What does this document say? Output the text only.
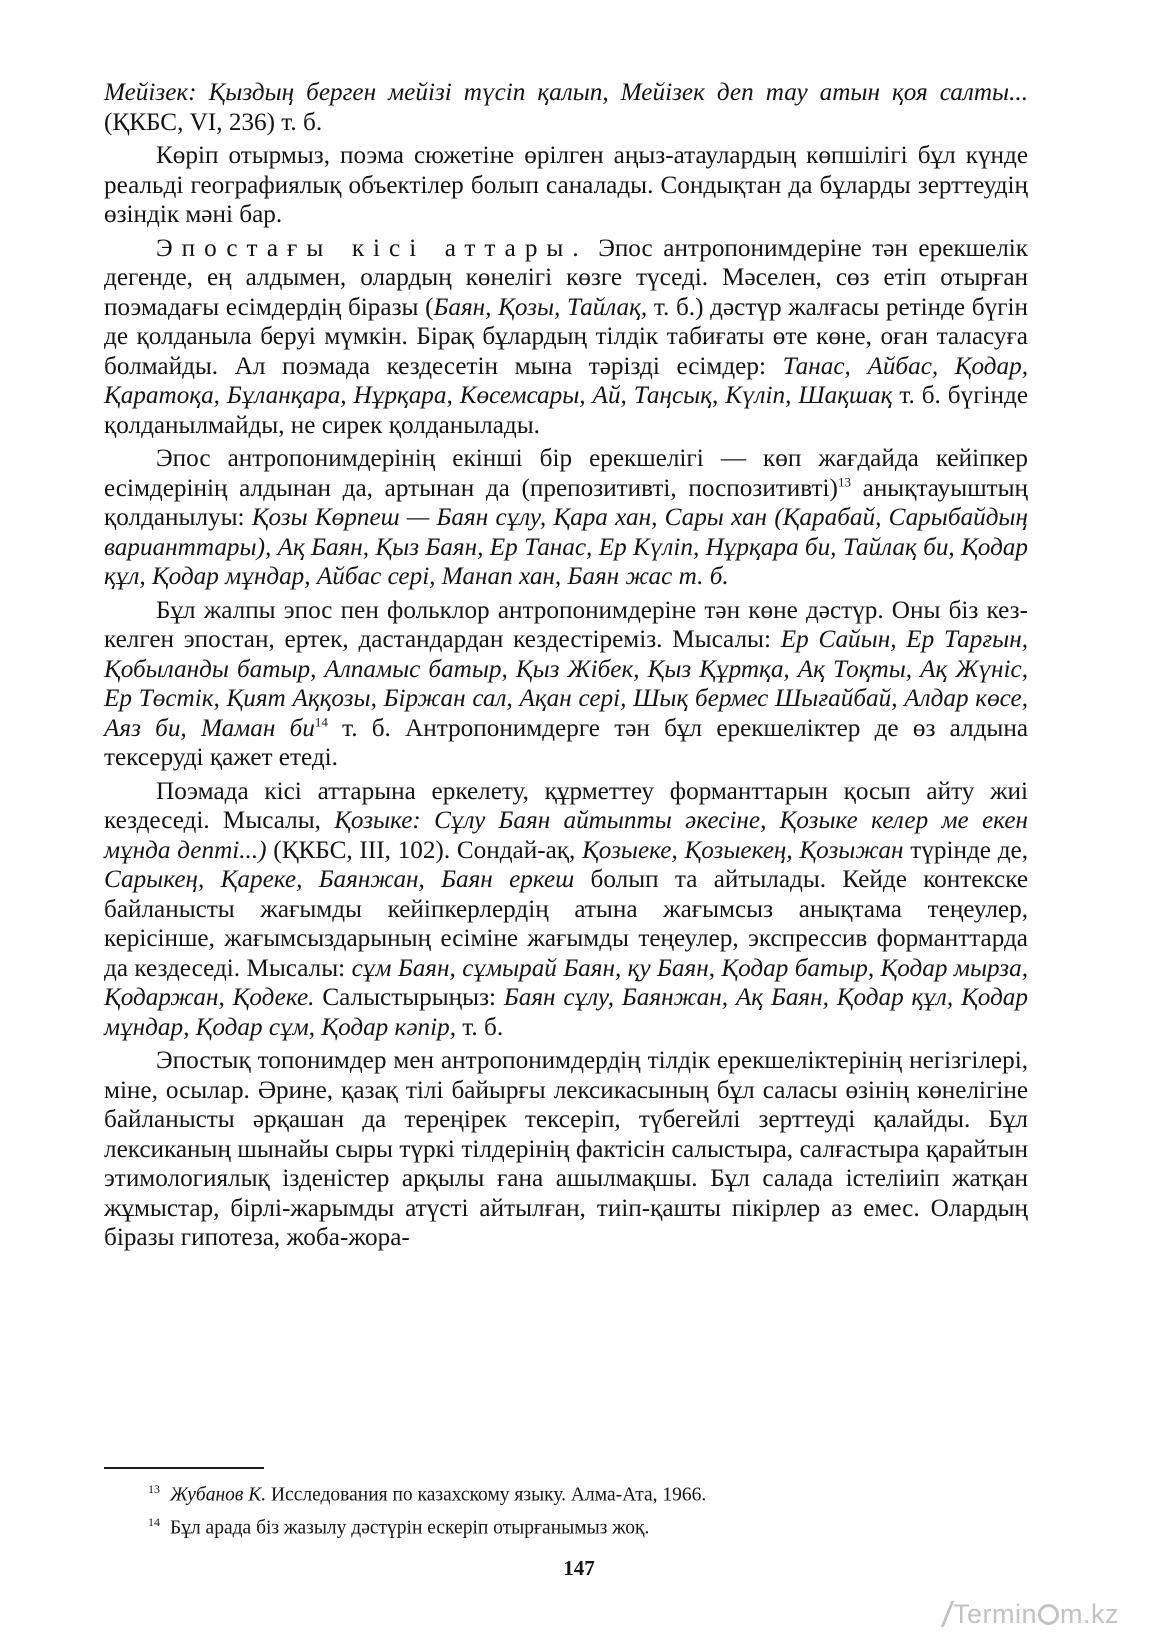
Мейізек: Қыздың берген мейізі түсіп қалып, Мейізек деп тау атын қоя салты... (ҚКБС, VI, 236) т. б.
Көріп отырмыз, поэма сюжетіне өрілген аңыз-атаулардың көпшілігі бұл күнде реальді географиялық объектілер болып саналады. Сондықтан да бұларды зерттеудің өзіндік мәні бар.
Эпостағы кісі аттары. Эпос антропонимдеріне тән ерекшелік дегенде, ең алдымен, олардың көнелігі көзге түседі. Мәселен, сөз етіп отырған поэмадағы есімдердің біразы (Баян, Қозы, Тайлақ, т. б.) дәстүр жалғасы ретінде бүгін де қолданыла беруі мүмкін. Бірақ бұлардың тілдік табиғаты өте көне, оған таласуға болмайды. Ал поэмада кездесетін мына тәрізді есімдер: Танас, Айбас, Қодар, Қаратоқа, Бұланқара, Нұрқара, Көсемсары, Ай, Таңсық, Күліп, Шақшақ т. б. бүгінде қолданылмайды, не сирек қолданылады.
Эпос антропонимдерінің екінші бір ерекшелігі — көп жағдайда кейіпкер есімдерінің алдынан да, артынан да (препозитивті, поспозитивті)$^{13}$ анықтауыштың қолданылуы: Қозы Көрпеш — Баян сұлу, Қара хан, Сары хан (Қарабай, Сарыбайдың варианттары), Ақ Баян, Қыз Баян, Ер Танас, Ер Күліп, Нұрқара би, Тайлақ би, Қодар құл, Қодар мұндар, Айбас сері, Манап хан, Баян жас т. б.
Бұл жалпы эпос пен фольклор антропонимдеріне тән көне дәстүр. Оны біз кез-келген эпостан, ертек, дастандардан кездестіреміз. Мысалы: Ер Сайын, Ер Тарғын, Қобыланды батыр, Алпамыс батыр, Қыз Жібек, Қыз Құртқа, Ақ Тоқты, Ақ Жүніс, Ер Төстік, Қият Аққозы, Біржан сал, Ақан сері, Шық бермес Шығайбай, Алдар көсе, Аяз би, Маман би$^{14}$ т. б. Антропонимдерге тән бұл ерекшеліктер де өз алдына тексеруді қажет етеді.
Поэмада кісі аттарына еркелету, құрметтеу форманттарын қосып айту жиі кездеседі. Мысалы, Қозыке: Сұлу Баян айтыпты әкесіне, Қозыке келер ме екен мұнда депті...) (ҚКБС, III, 102). Сондай-ақ, Қозыеке, Қозыекең, Қозыжан түрінде де, Сарыкең, Қареке, Баянжан, Баян еркеш болып та айтылады. Кейде контекске байланысты жағымды кейіпкерлердің атына жағымсыз анықтама теңеулер, керісінше, жағымсыздарының есіміне жағымды теңеулер, экспрессив форманттарда да кездеседі. Мысалы: сұм Баян, сұмырай Баян, қу Баян, Қодар батыр, Қодар мырза, Қодаржан, Қодеке. Салыстырыңыз: Баян сұлу, Баянжан, Ақ Баян, Қодар құл, Қодар мұндар, Қодар сұм, Қодар кәпір, т. б.
Эпостық топонимдер мен антропонимдердің тілдік ерекшеліктерінің негізгілері, міне, осылар. Әрине, қазақ тілі байырғы лексикасының бұл саласы өзінің көнелігіне байланысты әрқашан да тереңірек тексеріп, түбегейлі зерттеуді қалайды. Бұл лексиканың шынайы сыры түркі тілдерінің фактісін салыстыра, салғастыра қарайтын этимологиялық ізденістер арқылы ғана ашылмақшы. Бұл салада істеліиіп жатқан жұмыстар, бірлі-жарымды атүсті айтылған, тиіп-қашты пікірлер аз емес. Олардың біразы гипотеза, жоба-жора-

$^{13}$ Жубанов К. Исследования по казахскому языку. Алма-Ата, 1966.

$^{14}$ Бұл арада біз жазылу дәстүрін ескеріп отырғанымыз жоқ.

147
Termin m.kz
